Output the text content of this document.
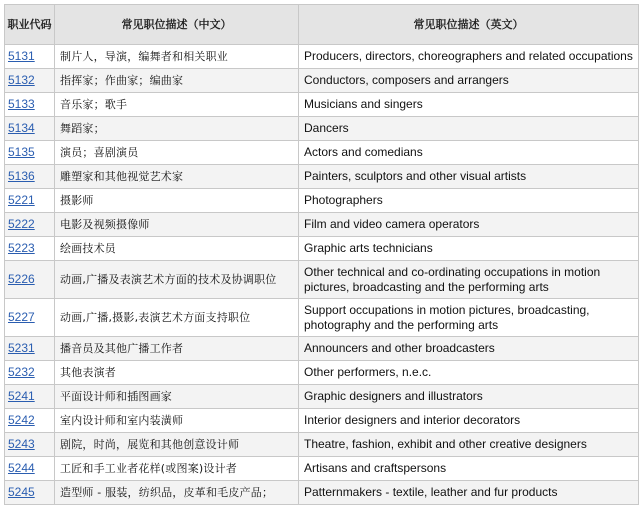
职业代码	常见职位描述（中文）	常见职位描述（英文）
5131	制片人，导演，编舞者和相关职业	Producers, directors, choreographers and related occupations
5132	指挥家；作曲家；编曲家	Conductors, composers and arrangers
5133	音乐家；歌手	Musicians and singers
5134	舞蹈家；	Dancers
5135	演员；喜剧演员	Actors and comedians
5136	雕塑家和其他视觉艺术家	Painters, sculptors and other visual artists
5221	摄影师	Photographers
5222	电影及视频摄像师	Film and video camera operators
5223	绘画技术员	Graphic arts technicians
5226	动画,广播及表演艺术方面的技术及协调职位	Other technical and co-ordinating occupations in motion pictures, broadcasting and the performing arts
5227	动画,广播,摄影,表演艺术方面支持职位	Support occupations in motion pictures, broadcasting, photography and the performing arts
5231	播音员及其他广播工作者	Announcers and other broadcasters
5232	其他表演者	Other performers, n.e.c.
5241	平面设计师和插图画家	Graphic designers and illustrators
5242	室内设计师和室内装潢师	Interior designers and interior decorators
5243	剧院，时尚，展览和其他创意设计师	Theatre, fashion, exhibit and other creative designers
5244	工匠和手工业者花样(或图案)设计者	Artisans and craftspersons
5245	造型师 - 服装，纺织品，皮革和毛皮产品；	Patternmakers - textile, leather and fur products
